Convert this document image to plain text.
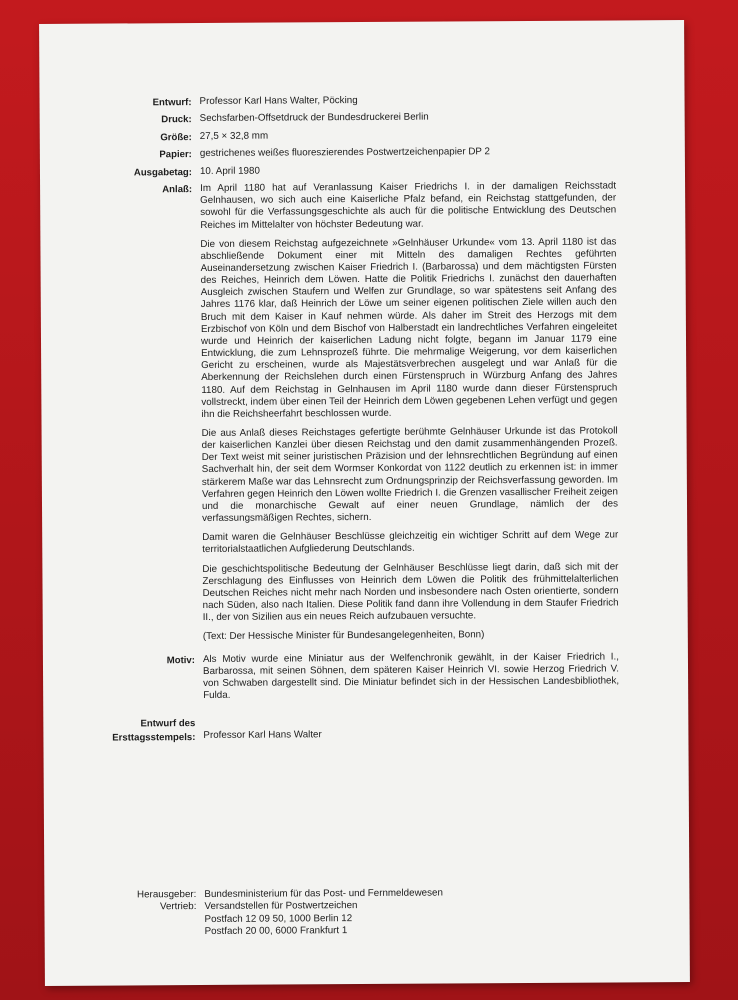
Entwurf: Professor Karl Hans Walter, Pöcking
Druck: Sechsfarben-Offsetdruck der Bundesdruckerei Berlin
Größe: 27,5 × 32,8 mm
Papier: gestrichenes weißes fluoreszierendes Postwertzeichenpapier DP 2
Ausgabetag: 10. April 1980
Anlaß: Im April 1180 hat auf Veranlassung Kaiser Friedrichs I. in der damaligen Reichsstadt Gelnhausen, wo sich auch eine Kaiserliche Pfalz befand, ein Reichstag stattgefunden, der sowohl für die Verfassungsgeschichte als auch für die politische Entwicklung des Deutschen Reiches im Mittelalter von höchster Bedeutung war.

Die von diesem Reichstag aufgezeichnete »Gelnhäuser Urkunde« vom 13. April 1180 ist das abschließende Dokument einer mit Mitteln des damaligen Rechtes geführten Auseinandersetzung zwischen Kaiser Friedrich I. (Barbarossa) und dem mächtigsten Fürsten des Reiches, Heinrich dem Löwen. Hatte die Politik Friedrichs I. zunächst den dauerhaften Ausgleich zwischen Staufern und Welfen zur Grundlage, so war spätestens seit Anfang des Jahres 1176 klar, daß Heinrich der Löwe um seiner eigenen politischen Ziele willen auch den Bruch mit dem Kaiser in Kauf nehmen würde. Als daher im Streit des Herzogs mit dem Erzbischof von Köln und dem Bischof von Halberstadt ein landrechtliches Verfahren eingeleitet wurde und Heinrich der kaiserlichen Ladung nicht folgte, begann im Januar 1179 eine Entwicklung, die zum Lehnsprozeß führte. Die mehrmalige Weigerung, vor dem kaiserlichen Gericht zu erscheinen, wurde als Majestätsverbrechen ausgelegt und war Anlaß für die Aberkennung der Reichslehen durch einen Fürstenspruch in Würzburg Anfang des Jahres 1180. Auf dem Reichstag in Gelnhausen im April 1180 wurde dann dieser Fürstenspruch vollstreckt, indem über einen Teil der Heinrich dem Löwen gegebenen Lehen verfügt und gegen ihn die Reichsheerfahrt beschlossen wurde.

Die aus Anlaß dieses Reichstages gefertigte berühmte Gelnhäuser Urkunde ist das Protokoll der kaiserlichen Kanzlei über diesen Reichstag und den damit zusammenhängenden Prozeß. Der Text weist mit seiner juristischen Präzision und der lehnsrechtlichen Begründung auf einen Sachverhalt hin, der seit dem Wormser Konkordat von 1122 deutlich zu erkennen ist: in immer stärkerem Maße war das Lehnsrecht zum Ordnungsprinzip der Reichsverfassung geworden. Im Verfahren gegen Heinrich den Löwen wollte Friedrich I. die Grenzen vasallischer Freiheit zeigen und die monarchische Gewalt auf einer neuen Grundlage, nämlich der des verfassungsmäßigen Rechtes, sichern.

Damit waren die Gelnhäuser Beschlüsse gleichzeitig ein wichtiger Schritt auf dem Wege zur territorialstaatlichen Aufgliederung Deutschlands.

Die geschichtspolitische Bedeutung der Gelnhäuser Beschlüsse liegt darin, daß sich mit der Zerschlagung des Einflusses von Heinrich dem Löwen die Politik des frühmittelalterlichen Deutschen Reiches nicht mehr nach Norden und insbesondere nach Osten orientierte, sondern nach Süden, also nach Italien. Diese Politik fand dann ihre Vollendung in dem Staufer Friedrich II., der von Sizilien aus ein neues Reich aufzubauen versuchte.

(Text: Der Hessische Minister für Bundesangelegenheiten, Bonn)

Motiv: Als Motiv wurde eine Miniatur aus der Welfenchronik gewählt, in der Kaiser Friedrich I., Barbarossa, mit seinen Söhnen, dem späteren Kaiser Heinrich VI. sowie Herzog Friedrich V. von Schwaben dargestellt sind. Die Miniatur befindet sich in der Hessischen Landesbibliothek, Fulda.

Entwurf des
Ersttagsstempels: Professor Karl Hans Walter
Herausgeber: Bundesministerium für das Post- und Fernmeldewesen
Vertrieb: Versandstellen für Postwertzeichen
Postfach 12 09 50, 1000 Berlin 12
Postfach 20 00, 6000 Frankfurt 1
